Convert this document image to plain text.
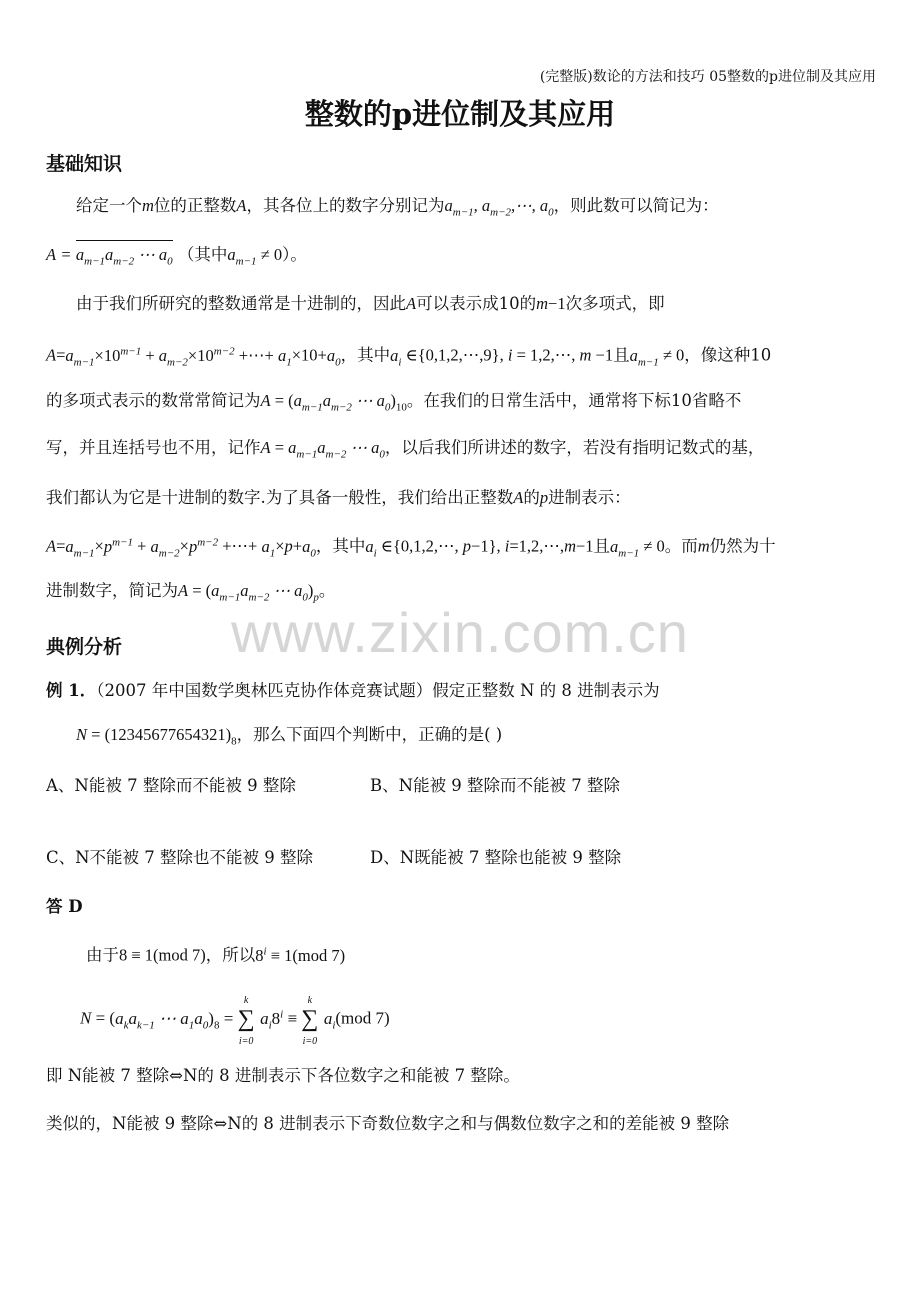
(完整版)数论的方法和技巧 05整数的p进位制及其应用
整数的p进位制及其应用
基础知识
给定一个m位的正整数A，其各位上的数字分别记为$a_{m-1}$, $a_{m-2},\cdots$, $a_0$，则此数可以简记为：
$A = a_{m-1}a_{m-2}$ ⋯ $a_0$ （其中$a_{m-1} \ne 0$）。
由于我们所研究的整数通常是十进制的，因此A可以表示成10的m−1次多项式，即
$A=a_{m-1}\times 10^{m-1} + a_{m-2}\times 10^{m-2}$ +⋯+ $a_1\times 10+a_0$，其中$a_i$ ∈{0,1,2,⋯,9}, i = 1,2,⋯, m −1且$a_{m-1} \ne 0$，像这种10
的多项式表示的数常常简记为$A = (a_{m-1}a_{m-2}$ ⋯ $a_0)_{10}$。在我们的日常生活中，通常将下标10省略不
写，并且连括号也不用，记作$A = a_{m-1}a_{m-2}$ ⋯ $a_0$，以后我们所讲述的数字，若没有指明记数式的基，
我们都认为它是十进制的数字.为了具备一般性，我们给出正整数A的p进制表示：
$A=a_{m-1}\times p^{m-1} + a_{m-2}\times p^{m-2}$ +⋯+ $a_1\times p+a_0$，其中$a_i$ ∈{0,1,2,⋯, p−1}, i=1,2,⋯,m−1且$a_{m-1} \ne 0$。而m仍然为十
进制数字，简记为$A = (a_{m-1}a_{m-2}$ ⋯ $a_0)_p$。
www.zixin.com.cn
典例分析
例 1．（2007 年中国数学奥林匹克协作体竞赛试题）假定正整数 N 的 8 进制表示为
$N = (12345677654321)_8$，那么下面四个判断中，正确的是( )
A、N能被 7 整除而不能被 9 整除	B、N能被 9 整除而不能被 7 整除
C、N不能被 7 整除也不能被 9 整除	D、N既能被 7 整除也能被 9 整除
答 D
由于8 ≡ 1(mod 7)，所以$8^i \equiv 1(mod$ 7)
$N = (a_ka_{k-1}$ ⋯ $a_1a_0)_8 = k$
∑
i=0 $a_i8^i \equiv k$
∑
i=0 $a_i(mod$ 7)
即 N能被 7 整除⇔N的 8 进制表示下各位数字之和能被 7 整除。
类似的，N能被 9 整除⇔N的 8 进制表示下奇数位数字之和与偶数位数字之和的差能被 9 整除
